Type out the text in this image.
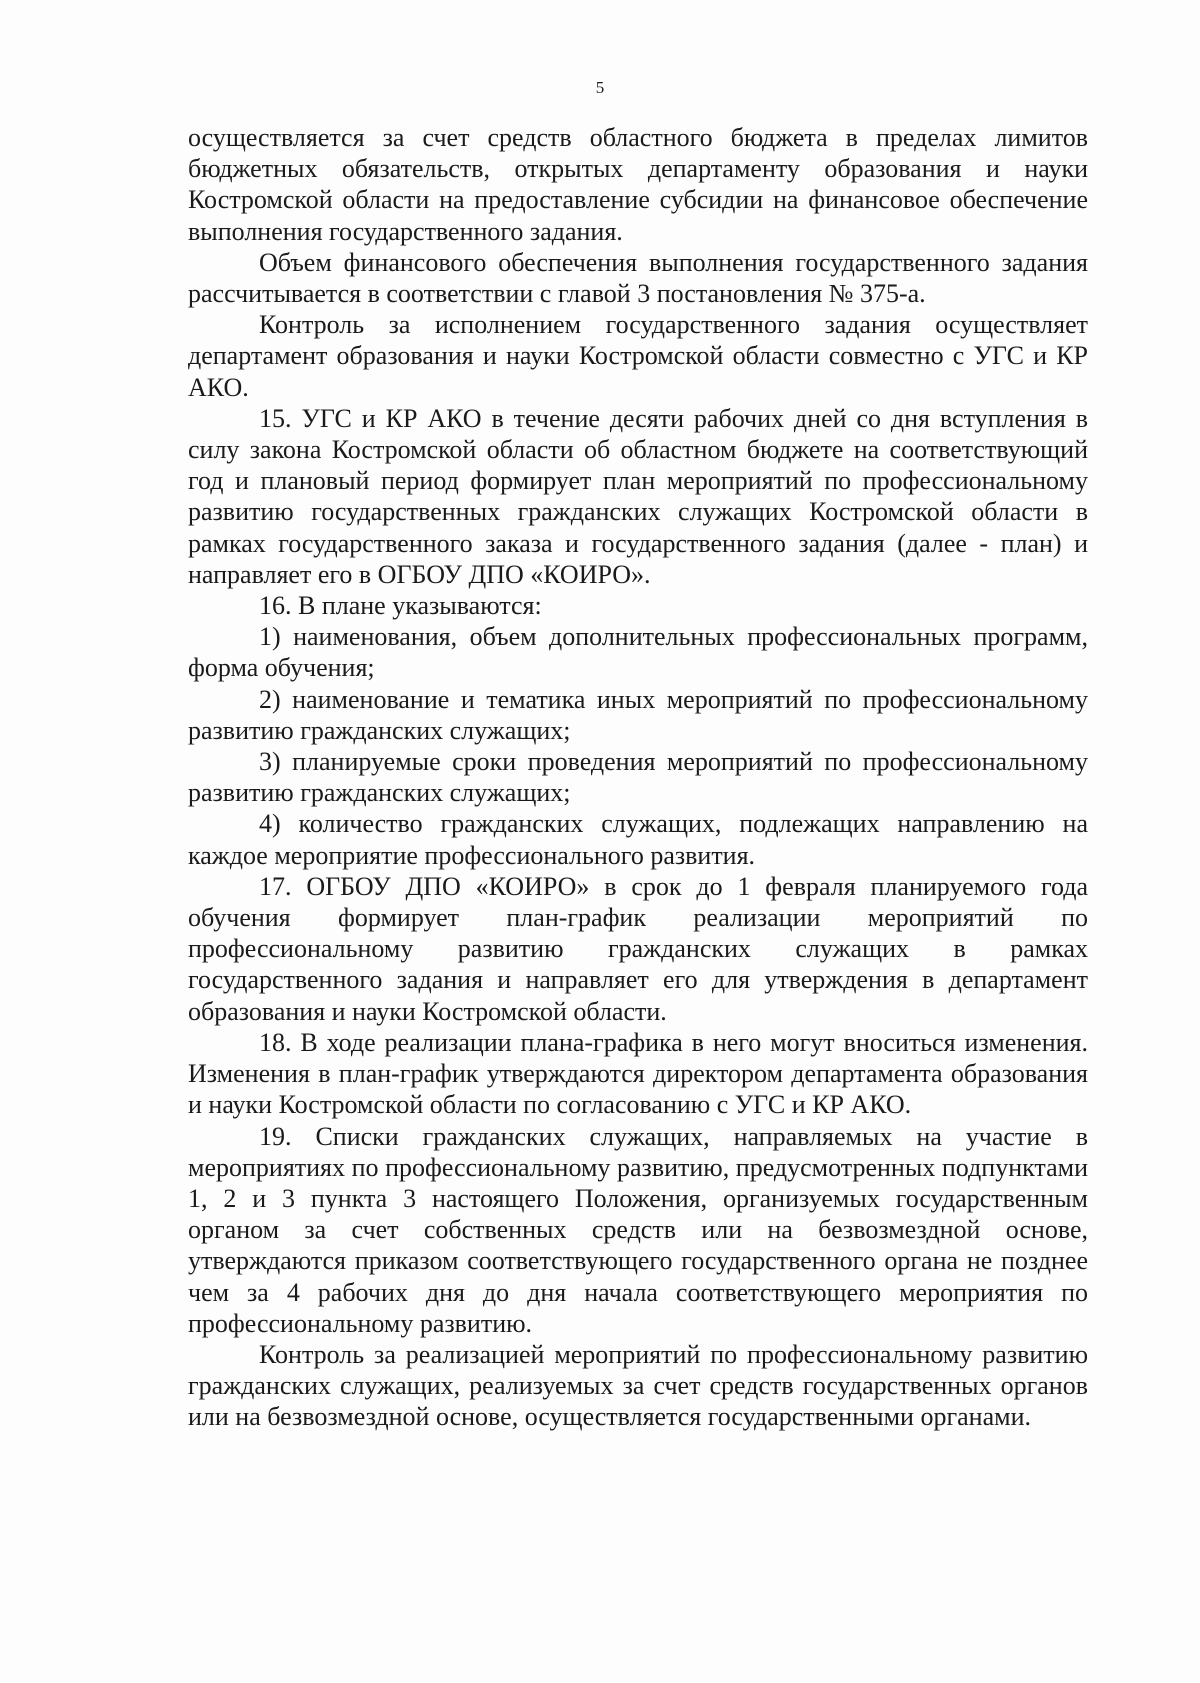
5

осуществляется за счет средств областного бюджета в пределах лимитов бюджетных обязательств, открытых департаменту образования и науки Костромской области на предоставление субсидии на финансовое обеспечение выполнения государственного задания.

Объем финансового обеспечения выполнения государственного задания рассчитывается в соответствии с главой 3 постановления № 375-а.

Контроль за исполнением государственного задания осуществляет департамент образования и науки Костромской области совместно с УГС и КР АКО.

15. УГС и КР АКО в течение десяти рабочих дней со дня вступления в силу закона Костромской области об областном бюджете на соответствующий год и плановый период формирует план мероприятий по профессиональному развитию государственных гражданских служащих Костромской области в рамках государственного заказа и государственного задания (далее - план) и направляет его в ОГБОУ ДПО «КОИРО».

16. В плане указываются:

1) наименования, объем дополнительных профессиональных программ, форма обучения;

2) наименование и тематика иных мероприятий по профессиональному развитию гражданских служащих;

3) планируемые сроки проведения мероприятий по профессиональному развитию гражданских служащих;

4) количество гражданских служащих, подлежащих направлению на каждое мероприятие профессионального развития.

17. ОГБОУ ДПО «КОИРО» в срок до 1 февраля планируемого года обучения формирует план-график реализации мероприятий по профессиональному развитию гражданских служащих в рамках государственного задания и направляет его для утверждения в департамент образования и науки Костромской области.

18. В ходе реализации плана-графика в него могут вноситься изменения. Изменения в план-график утверждаются директором департамента образования и науки Костромской области по согласованию с УГС и КР АКО.

19. Списки гражданских служащих, направляемых на участие в мероприятиях по профессиональному развитию, предусмотренных подпунктами 1, 2 и 3 пункта 3 настоящего Положения, организуемых государственным органом за счет собственных средств или на безвозмездной основе, утверждаются приказом соответствующего государственного органа не позднее чем за 4 рабочих дня до дня начала соответствующего мероприятия по профессиональному развитию.

Контроль за реализацией мероприятий по профессиональному развитию гражданских служащих, реализуемых за счет средств государственных органов или на безвозмездной основе, осуществляется государственными органами.
